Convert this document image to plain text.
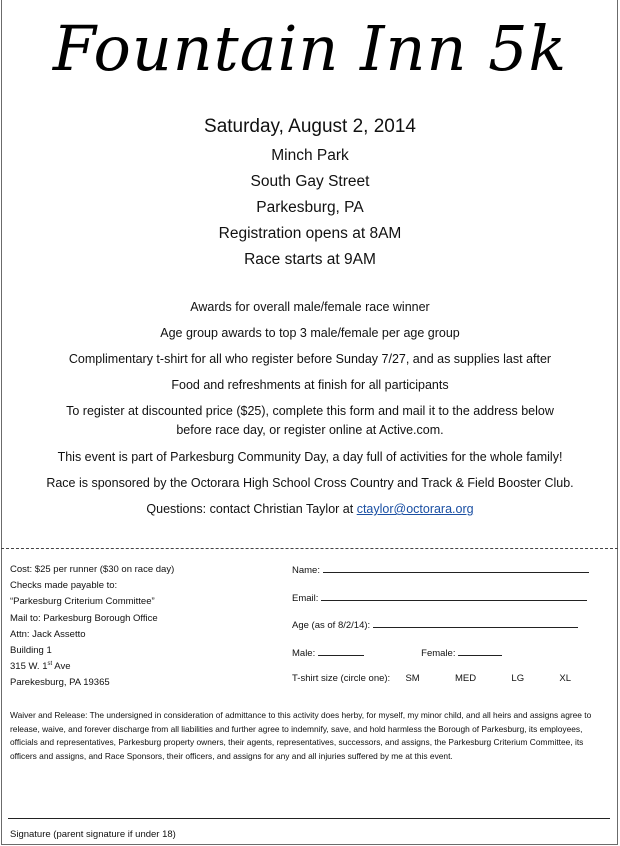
Fountain Inn 5k
Saturday, August 2, 2014
Minch Park
South Gay Street
Parkesburg, PA
Registration opens at 8AM
Race starts at 9AM
Awards for overall male/female race winner
Age group awards to top 3 male/female per age group
Complimentary t-shirt for all who register before Sunday 7/27, and as supplies last after
Food and refreshments at finish for all participants
To register at discounted price ($25), complete this form and mail it to the address below
before race day, or register online at Active.com.
This event is part of Parkesburg Community Day, a day full of activities for the whole family!
Race is sponsored by the Octorara High School Cross Country and Track & Field Booster Club.
Questions: contact Christian Taylor at ctaylor@octorara.org
Cost: $25 per runner ($30 on race day)
Checks made payable to:
“Parkesburg Criterium Committee”
Mail to: Parkesburg Borough Office
Attn: Jack Assetto
Building 1
315 W. 1st Ave
Parekesburg, PA 19365
Name:
Email:
Age (as of 8/2/14):
Male:	Female:
T-shirt size (circle one): SM	MED	LG	XL
Waiver and Release: The undersigned in consideration of admittance to this activity does herby, for myself, my minor child, and all heirs and assigns agree to release, waive, and forever discharge from all liabilities and further agree to indemnify, save, and hold harmless the Borough of Parkesburg, its employees, officials and representatives, Parkesburg property owners, their agents, representatives, successors, and assigns, the Parkesburg Criterium Committee, its officers and assigns, and Race Sponsors, their officers, and assigns for any and all injuries suffered by me at this event.
Signature (parent signature if under 18)
